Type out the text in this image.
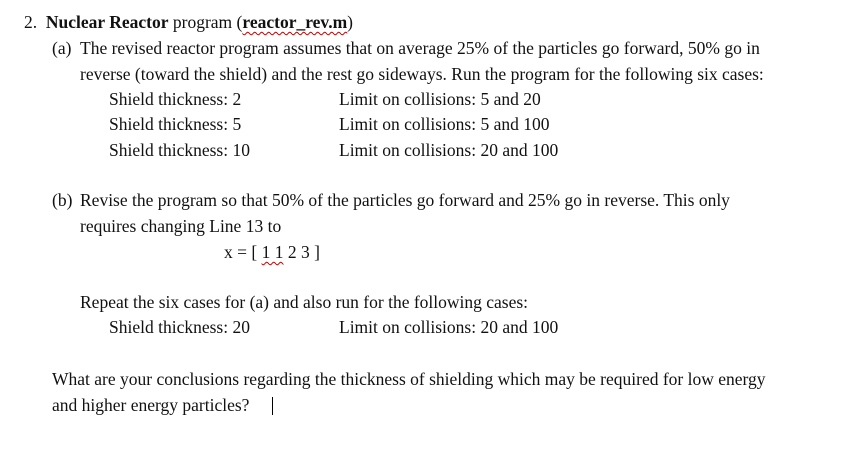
2. Nuclear Reactor program (reactor_rev.m)
(a) The revised reactor program assumes that on average 25% of the particles go forward, 50% go in
reverse (toward the shield) and the rest go sideways. Run the program for the following six cases:
Shield thickness: 2	Limit on collisions: 5 and 20
Shield thickness: 5	Limit on collisions: 5 and 100
Shield thickness: 10	Limit on collisions: 20 and 100
(b) Revise the program so that 50% of the particles go forward and 25% go in reverse. This only
requires changing Line 13 to
x = [ 1 1 2 3 ]
Repeat the six cases for (a) and also run for the following cases:
Shield thickness: 20	Limit on collisions: 20 and 100
What are your conclusions regarding the thickness of shielding which may be required for low energy
and higher energy particles?
